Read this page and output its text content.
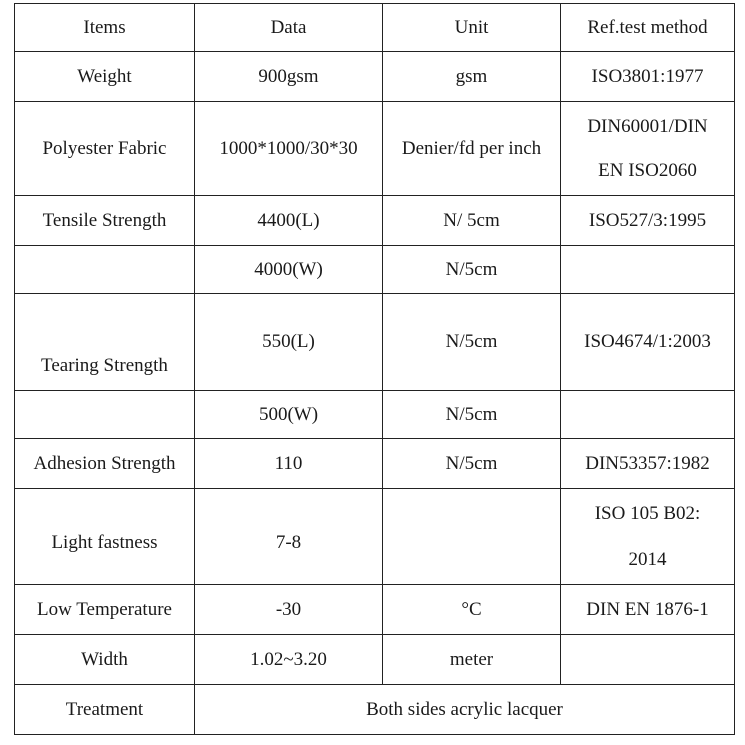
Items	Data	Unit	Ref.test method
Weight	900gsm	gsm	ISO3801:1977
Polyester Fabric	1000*1000/30*30	Denier/fd per inch	DIN60001/DIN
EN ISO2060

Tensile Strength	4400(L)	N/ 5cm	ISO527/3:1995
	4000(W)	N/5cm	

Tearing Strength	550(L)	N/5cm	ISO4674/1:2003
	500(W)	N/5cm	
Adhesion Strength	110	N/5cm	DIN53357:1982

Light fastness	7-8		ISO 105 B02:
2014

Low Temperature	-30	°C	DIN EN 1876-1
Width	1.02~3.20	meter	
Treatment	Both sides acrylic lacquer		
